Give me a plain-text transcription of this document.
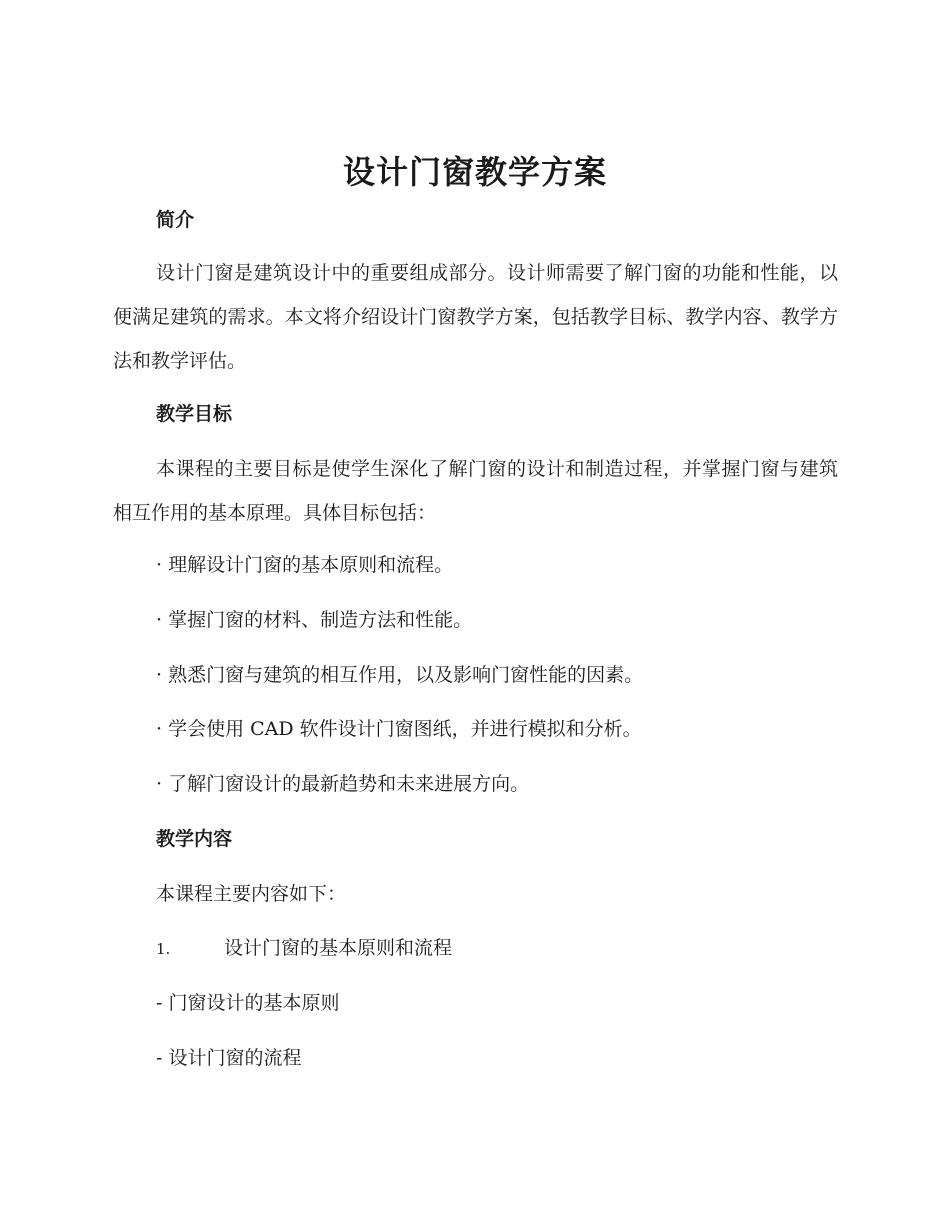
设计门窗教学方案
简介

设计门窗是建筑设计中的重要组成部分。设计师需要了解门窗的功能和性能，以便满足建筑的需求。本文将介绍设计门窗教学方案，包括教学目标、教学内容、教学方法和教学评估。

教学目标

本课程的主要目标是使学生深化了解门窗的设计和制造过程，并掌握门窗与建筑相互作用的基本原理。具体目标包括：

· 理解设计门窗的基本原则和流程。

· 掌握门窗的材料、制造方法和性能。

· 熟悉门窗与建筑的相互作用，以及影响门窗性能的因素。

· 学会使用 CAD 软件设计门窗图纸，并进行模拟和分析。

· 了解门窗设计的最新趋势和未来进展方向。

教学内容

本课程主要内容如下：

1.	设计门窗的基本原则和流程

- 门窗设计的基本原则

- 设计门窗的流程
